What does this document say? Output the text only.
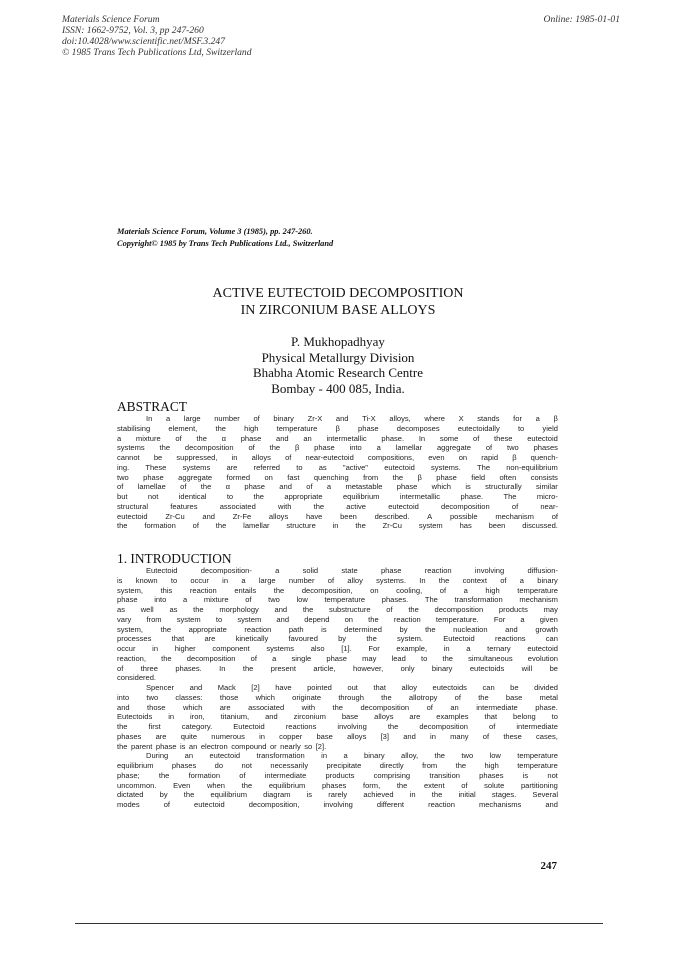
Materials Science Forum
ISSN: 1662-9752, Vol. 3, pp 247-260
doi:10.4028/www.scientific.net/MSF.3.247
© 1985 Trans Tech Publications Ltd, Switzerland
Online: 1985-01-01
Materials Science Forum, Volume 3 (1985), pp. 247-260.
Copyright© 1985 by Trans Tech Publications Ltd., Switzerland
ACTIVE EUTECTOID DECOMPOSITION
IN ZIRCONIUM BASE ALLOYS
P. Mukhopadhyay
Physical Metallurgy Division
Bhabha Atomic Research Centre
Bombay - 400 085, India.
ABSTRACT
In a large number of binary Zr-X and Ti-X alloys, where X stands for a β
stabilising element, the high temperature β phase decomposes eutectoidally to yield
a mixture of the α phase and an intermetallic phase. In some of these eutectoid
systems the decomposition of the β phase into a lamellar aggregate of two phases
cannot be suppressed, in alloys of near-eutectoid compositions, even on rapid β quench-
ing. These systems are referred to as "active" eutectoid systems. The non-equilibrium
two phase aggregate formed on fast quenching from the β phase field often consists
of lamellae of the α phase and of a metastable phase which is structurally similar
but	not	identical	to	the	appropriate	equilibrium	intermetallic	phase.	The	micro-
structural	features	associated	with	the	active	eutectoid	decomposition	of	near-
eutectoid Zr-Cu and Zr-Fe alloys have been described. A possible mechanism of
the formation of the lamellar structure in the Zr-Cu system has been discussed.
1. INTRODUCTION
Eutectoid	decomposition-	a	solid	state	phase	reaction	involving	diffusion-
is known to occur in a large number of alloy systems. In the context of a binary
system, this reaction entails the decomposition, on cooling, of a high temperature
phase into a mixture of two low temperature phases. The transformation mechanism
as well as the morphology and the substructure of the decomposition products may
vary from system to system and depend on the reaction temperature. For a given
system, the appropriate reaction path is determined by the nucleation and growth
processes	that	are	kinetically	favoured	by	the	system.	Eutectoid	reactions	can
occur in higher component systems also [1]. For example, in a ternary eutectoid
reaction, the decomposition of a single phase may lead to the simultaneous evolution
of three phases. In the present article, however, only binary eutectoids will be
considered.
Spencer and Mack [2] have pointed out that alloy eutectoids can be divided
into two classes: those which originate through the allotropy of the base metal
and those which are associated with the decomposition of an intermediate phase.
Eutectoids in iron, titanium, and zirconium base alloys are examples that belong to
the	first	category.	Eutectoid	reactions	involving	the	decomposition	of	intermediate
phases are quite numerous in copper base alloys [3] and in many of these cases,
the parent phase is an electron compound or nearly so [2].
During an eutectoid transformation in a binary alloy, the two low temperature
equilibrium phases do not necessarily precipitate directly from the high temperature
phase;	the	formation	of	intermediate	products	comprising	transition	phases	is	not
uncommon. Even when the equilibrium phases form, the extent of solute partitioning
dictated by the equilibrium diagram is rarely achieved in the initial stages. Several
modes	of	eutectoid	decomposition,	involving	different	reaction	mechanisms	and
247
